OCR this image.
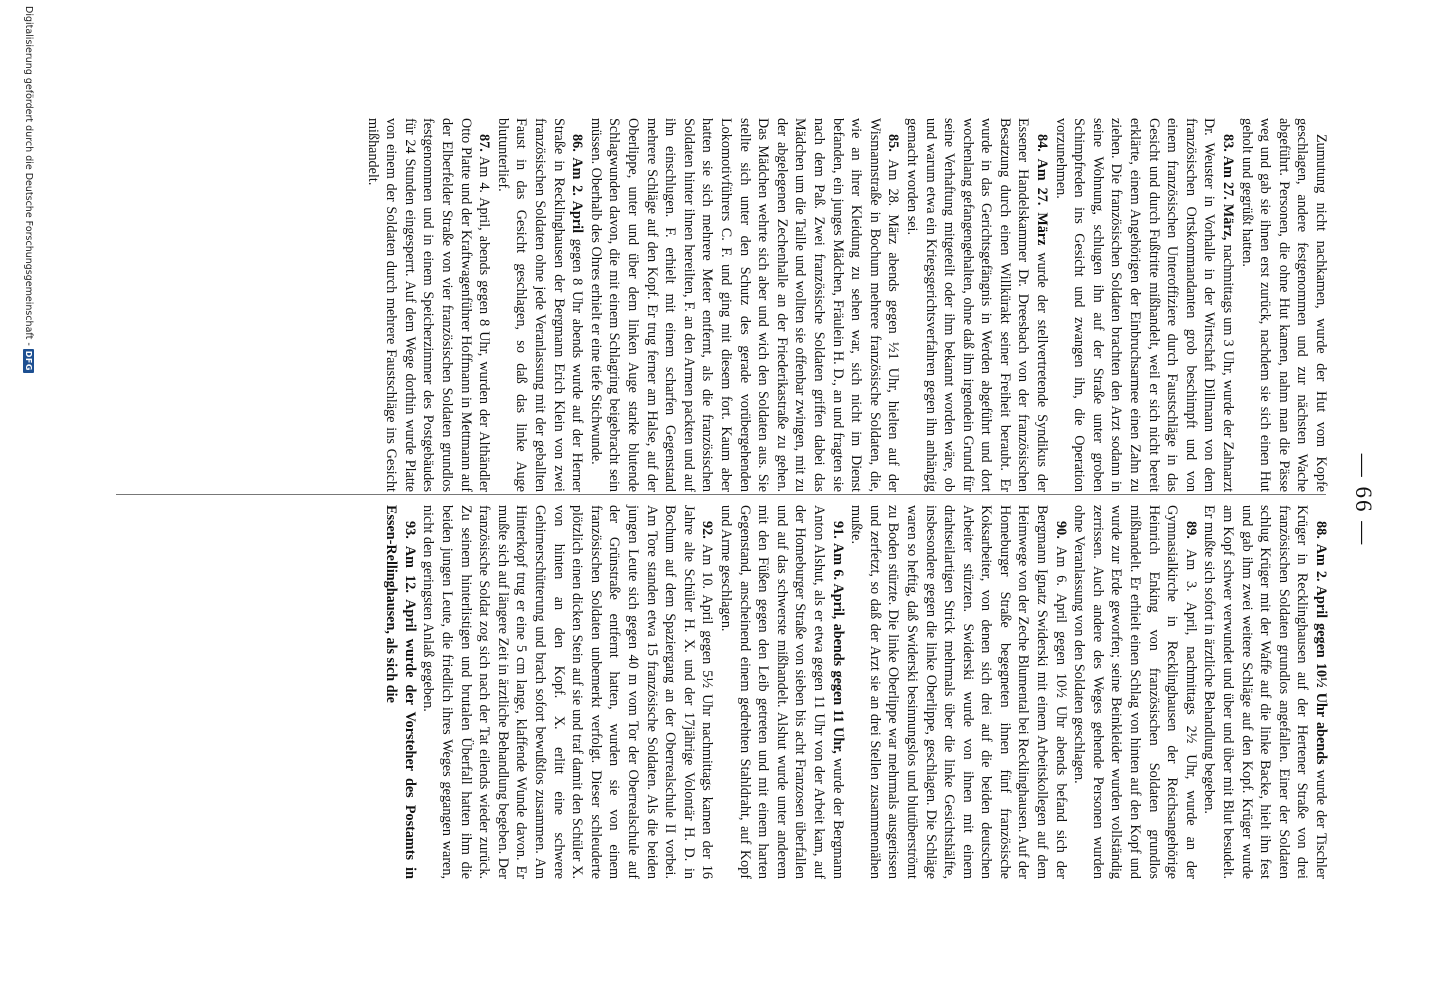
— 66 —

Zumutung nicht nachkamen, wurde der Hut vom Kopfe geschlagen, andere festgenommen und zur nächsten Wache abgeführt. Personen, die ohne Hut kamen, nahm man die Pässe weg und gab sie ihnen erst zurück, nachdem sie sich einen Hut geholt und gegrüßt hatten.

83. Am 27. März, nachmittags um 3 Uhr, wurde der Zahnarzt Dr. Weuster in Vorhalle in der Wirtschaft Dillmann von dem französischen Ortskommandanten grob beschimpft und von einem französischen Unteroffiziere durch Faustschläge in das Gesicht und durch Fußtritte mißhandelt, weil er sich nicht bereit erklärte, einem Angehörigen der Einbruchsarmee einen Zahn zu ziehen. Die französischen Soldaten brachten den Arzt sodann in seine Wohnung, schlugen ihn auf der Straße unter groben Schimpfreden ins Gesicht und zwangen ihn, die Operation vorzunehmen.

84. Am 27. März wurde der stellvertretende Syndikus der Essener Handelskammer Dr. Dreesbach von der französischen Besatzung durch einen Willkürakt seiner Freiheit beraubt. Er wurde in das Gerichtsgefängnis in Werden abgeführt und dort wochenlang gefangengehalten, ohne daß ihm irgendein Grund für seine Verhaftung mitgeteilt oder ihm bekannt worden wäre, ob und warum etwa ein Kriegsgerichtsverfahren gegen ihn anhängig gemacht worden sei.

85. Am 28. März abends gegen ½1 Uhr, hielten auf der Wismannstraße in Bochum mehrere französische Soldaten, die, wie an ihrer Kleidung zu sehen war, sich nicht im Dienst befanden, ein junges Mädchen, Fräulein H. D., an und fragten sie nach dem Paß. Zwei französische Soldaten griffen dabei das Mädchen um die Taille und wollten sie offenbar zwingen, mit zu der abgelegenen Zechenhalle an der Friederikastraße zu gehen. Das Mädchen wehrte sich aber und wich den Soldaten aus. Sie stellte sich unter den Schutz des gerade vorübergehenden Lokomotivführers C. F. und ging mit diesem fort. Kaum aber hatten sie sich mehrere Meter entfernt, als die französischen Soldaten hinter ihnen hereilten, F. an den Armen packten und auf ihn einschlugen. F. erhielt mit einem scharfen Gegenstand mehrere Schläge auf den Kopf. Er trug ferner am Halse, auf der Oberlippe, unter und über dem linken Auge starke blutende Schlagwunden davon, die mit einem Schlagring beigebracht sein müssen. Oberhalb des Ohres erhielt er eine tiefe Stichwunde.

86. Am 2. April gegen 8 Uhr abends wurde auf der Herner Straße in Recklinghausen der Bergmann Erich Klein von zwei französischen Soldaten ohne jede Veranlassung mit der geballten Faust in das Gesicht geschlagen, so daß das linke Auge blutunterlief.

87. Am 4. April, abends gegen 8 Uhr, wurden der Althändler Otto Platte und der Kraftwagenführer Hoffmann in Mettmann auf der Elberfelder Straße von vier französischen Soldaten grundlos festgenommen und in einem Speicherzimmer des Postgebäudes für 24 Stunden eingesperrt. Auf dem Wege dorthin wurde Platte von einem der Soldaten durch mehrere Faustschläge ins Gesicht mißhandelt.

88. Am 2. April gegen 10½ Uhr abends wurde der Tischler Krüger in Recklinghausen auf der Hertener Straße von drei französischen Soldaten grundlos angefallen. Einer der Soldaten schlug Krüger mit der Waffe auf die linke Backe, hielt ihn fest und gab ihm zwei weitere Schläge auf den Kopf. Krüger wurde am Kopf schwer verwundet und über und über mit Blut besudelt. Er mußte sich sofort in ärztliche Behandlung begeben.

89. Am 3. April, nachmittags 2½ Uhr, wurde an der Gymnasialkirche in Recklinghausen der Reichsangehörige Heinrich Enking von französischen Soldaten grundlos mißhandelt. Er erhielt einen Schlag von hinten auf den Kopf und wurde zur Erde geworfen; seine Beinkleider wurden vollständig zerrissen. Auch andere des Weges gehende Personen wurden ohne Veranlassung von den Soldaten geschlagen.

90. Am 6. April gegen 10½ Uhr abends befand sich der Bergmann Ignatz Swiderski mit einem Arbeitskollegen auf dem Heimwege von der Zeche Blumental bei Recklinghausen. Auf der Homeburger Straße begegneten ihnen fünf französische Koksarbeiter, von denen sich drei auf die beiden deutschen Arbeiter stürzten. Swiderski wurde von ihnen mit einem drahtseilartigen Strick mehrmals über die linke Gesichtshälfte, insbesondere gegen die linke Oberlippe, geschlagen. Die Schläge waren so heftig, daß Swiderski besinnungslos und blutüberströmt zu Boden stürzte. Die linke Oberlippe war mehrmals ausgerissen und zerfetzt, so daß der Arzt sie an drei Stellen zusammennähen mußte.

91. Am 6. April, abends gegen 11 Uhr, wurde der Bergmann Anton Alshut, als er etwa gegen 11 Uhr von der Arbeit kam, auf der Homeburger Straße von sieben bis acht Franzosen überfallen und auf das schwerste mißhandelt. Alshut wurde unter anderem mit den Füßen gegen den Leib getreten und mit einem harten Gegenstand, anscheinend einem gedrehten Stahldraht, auf Kopf und Arme geschlagen.

92. Am 10. April gegen 5½ Uhr nachmittags kamen der 16 Jahre alte Schüler H. X. und der 17jährige Volontär H. D. in Bochum auf dem Spaziergang an der Oberrealschule II vorbei. Am Tore standen etwa 15 französische Soldaten. Als die beiden jungen Leute sich gegen 40 m vom Tor der Oberrealschule auf der Grünstraße entfernt hatten, wurden sie von einem französischen Soldaten unbemerkt verfolgt. Dieser schleuderte plötzlich einen dicken Stein auf sie und traf damit den Schüler X. von hinten an den Kopf. X. erlitt eine schwere Gehirnerschütterung und brach sofort bewußtlos zusammen. Am Hinterkopf trug er eine 5 cm lange, klaffende Wunde davon. Er mußte sich auf längere Zeit in ärztliche Behandlung begeben. Der französische Soldat zog sich nach der Tat eilends wieder zurück. Zu seinem hinterlistigen und brutalen Überfall hatten ihm die beiden jungen Leute, die friedlich ihres Weges gegangen waren, nicht den geringsten Anlaß gegeben.

93. Am 12. April wurde der Vorsteher des Postamts in Essen-Rellinghausen, als sich die

Digitalisierung gefördert durch die Deutsche Forschungsgemeinschaft -
DFG
